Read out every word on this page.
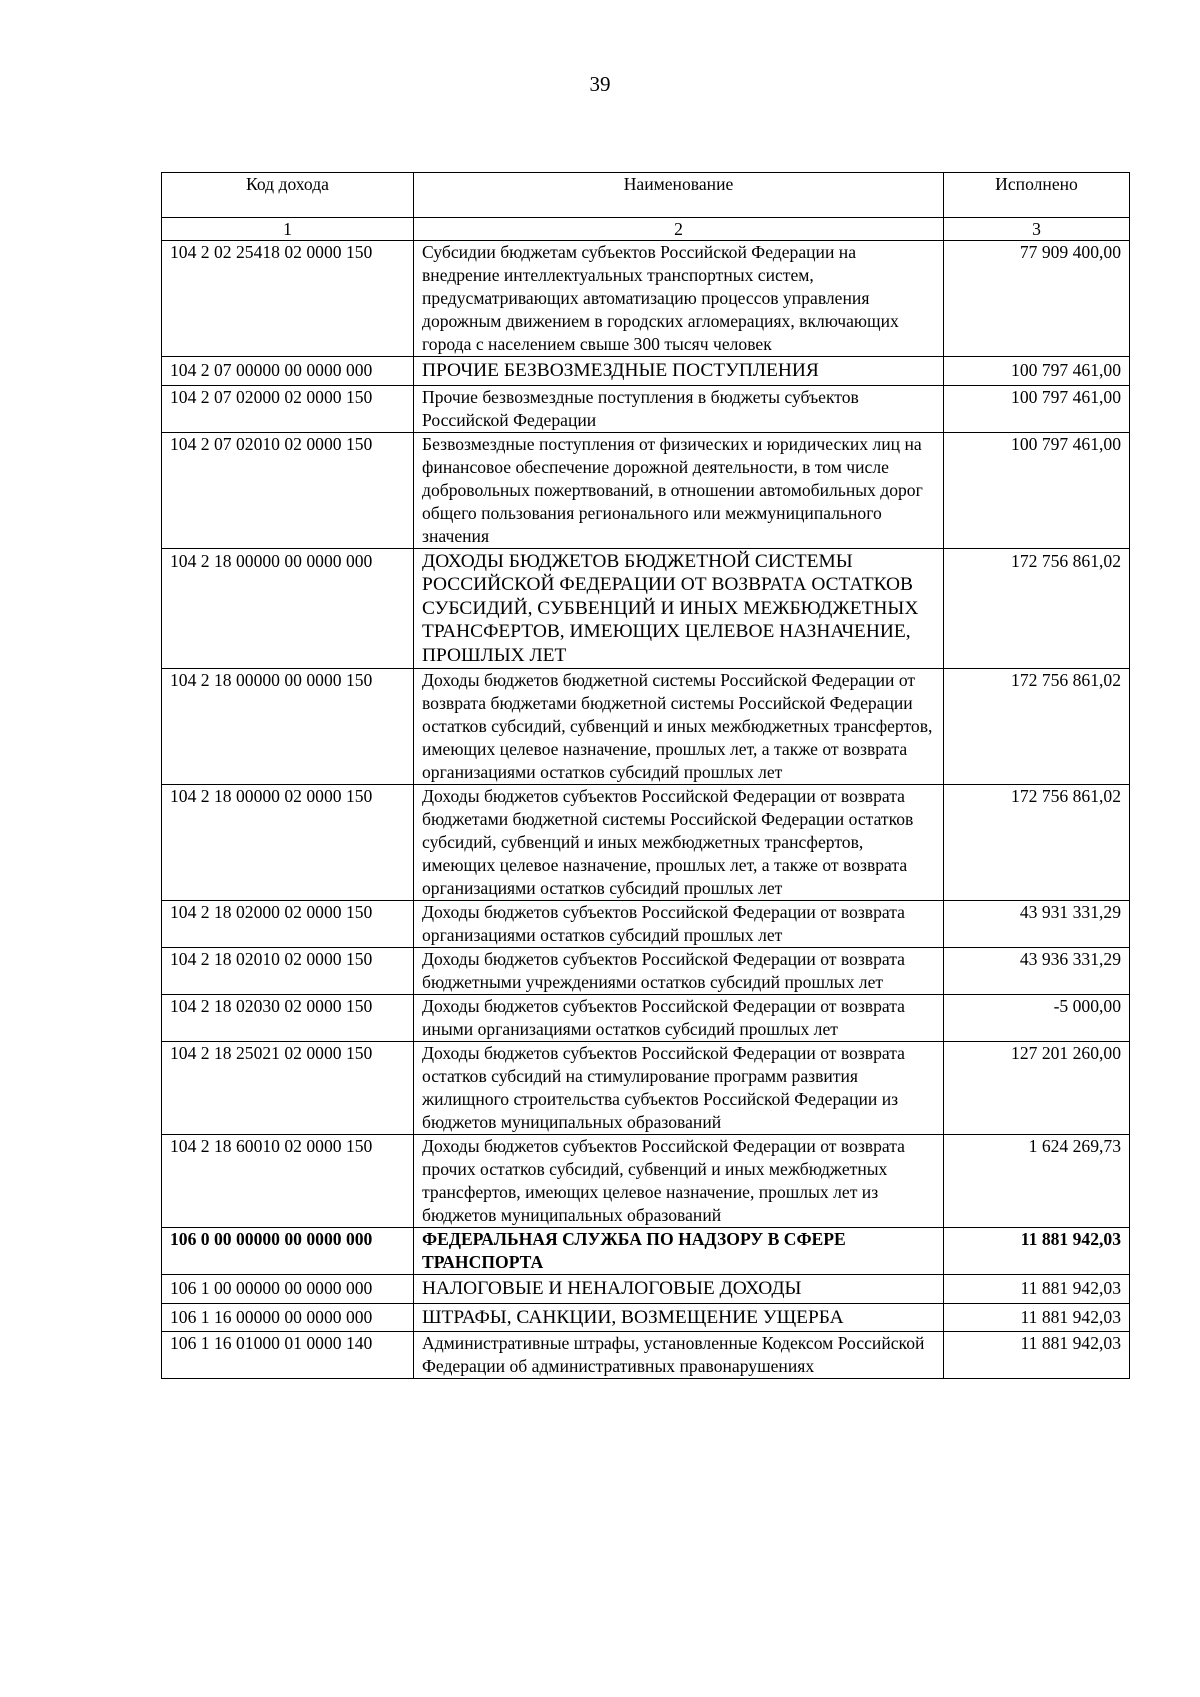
39
Код дохода	Наименование	Исполнено
1	2	3
104 2 02 25418 02 0000 150	Субсидии бюджетам субъектов Российской Федерации на внедрение интеллектуальных транспортных систем, предусматривающих автоматизацию процессов управления дорожным движением в городских агломерациях, включающих города с населением свыше 300 тысяч человек	77 909 400,00
104 2 07 00000 00 0000 000	ПРОЧИЕ БЕЗВОЗМЕЗДНЫЕ ПОСТУПЛЕНИЯ	100 797 461,00
104 2 07 02000 02 0000 150	Прочие безвозмездные поступления в бюджеты субъектов Российской Федерации	100 797 461,00
104 2 07 02010 02 0000 150	Безвозмездные поступления от физических и юридических лиц на финансовое обеспечение дорожной деятельности, в том числе добровольных пожертвований, в отношении автомобильных дорог общего пользования регионального или межмуниципального значения	100 797 461,00
104 2 18 00000 00 0000 000	ДОХОДЫ БЮДЖЕТОВ БЮДЖЕТНОЙ СИСТЕМЫ РОССИЙСКОЙ ФЕДЕРАЦИИ ОТ ВОЗВРАТА ОСТАТКОВ СУБСИДИЙ, СУБВЕНЦИЙ И ИНЫХ МЕЖБЮДЖЕТНЫХ ТРАНСФЕРТОВ, ИМЕЮЩИХ ЦЕЛЕВОЕ НАЗНАЧЕНИЕ, ПРОШЛЫХ ЛЕТ	172 756 861,02
104 2 18 00000 00 0000 150	Доходы бюджетов бюджетной системы Российской Федерации от возврата бюджетами бюджетной системы Российской Федерации остатков субсидий, субвенций и иных межбюджетных трансфертов, имеющих целевое назначение, прошлых лет, а также от возврата организациями остатков субсидий прошлых лет	172 756 861,02
104 2 18 00000 02 0000 150	Доходы бюджетов субъектов Российской Федерации от возврата бюджетами бюджетной системы Российской Федерации остатков субсидий, субвенций и иных межбюджетных трансфертов, имеющих целевое назначение, прошлых лет, а также от возврата организациями остатков субсидий прошлых лет	172 756 861,02
104 2 18 02000 02 0000 150	Доходы бюджетов субъектов Российской Федерации от возврата организациями остатков субсидий прошлых лет	43 931 331,29
104 2 18 02010 02 0000 150	Доходы бюджетов субъектов Российской Федерации от возврата бюджетными учреждениями остатков субсидий прошлых лет	43 936 331,29
104 2 18 02030 02 0000 150	Доходы бюджетов субъектов Российской Федерации от возврата иными организациями остатков субсидий прошлых лет	-5 000,00
104 2 18 25021 02 0000 150	Доходы бюджетов субъектов Российской Федерации от возврата остатков субсидий на стимулирование программ развития жилищного строительства субъектов Российской Федерации из бюджетов муниципальных образований	127 201 260,00
104 2 18 60010 02 0000 150	Доходы бюджетов субъектов Российской Федерации от возврата прочих остатков субсидий, субвенций и иных межбюджетных трансфертов, имеющих целевое назначение, прошлых лет из бюджетов муниципальных образований	1 624 269,73
106 0 00 00000 00 0000 000	ФЕДЕРАЛЬНАЯ СЛУЖБА ПО НАДЗОРУ В СФЕРЕ ТРАНСПОРТА	11 881 942,03
106 1 00 00000 00 0000 000	НАЛОГОВЫЕ И НЕНАЛОГОВЫЕ ДОХОДЫ	11 881 942,03
106 1 16 00000 00 0000 000	ШТРАФЫ, САНКЦИИ, ВОЗМЕЩЕНИЕ УЩЕРБА	11 881 942,03
106 1 16 01000 01 0000 140	Административные штрафы, установленные Кодексом Российской Федерации об административных правонарушениях	11 881 942,03
